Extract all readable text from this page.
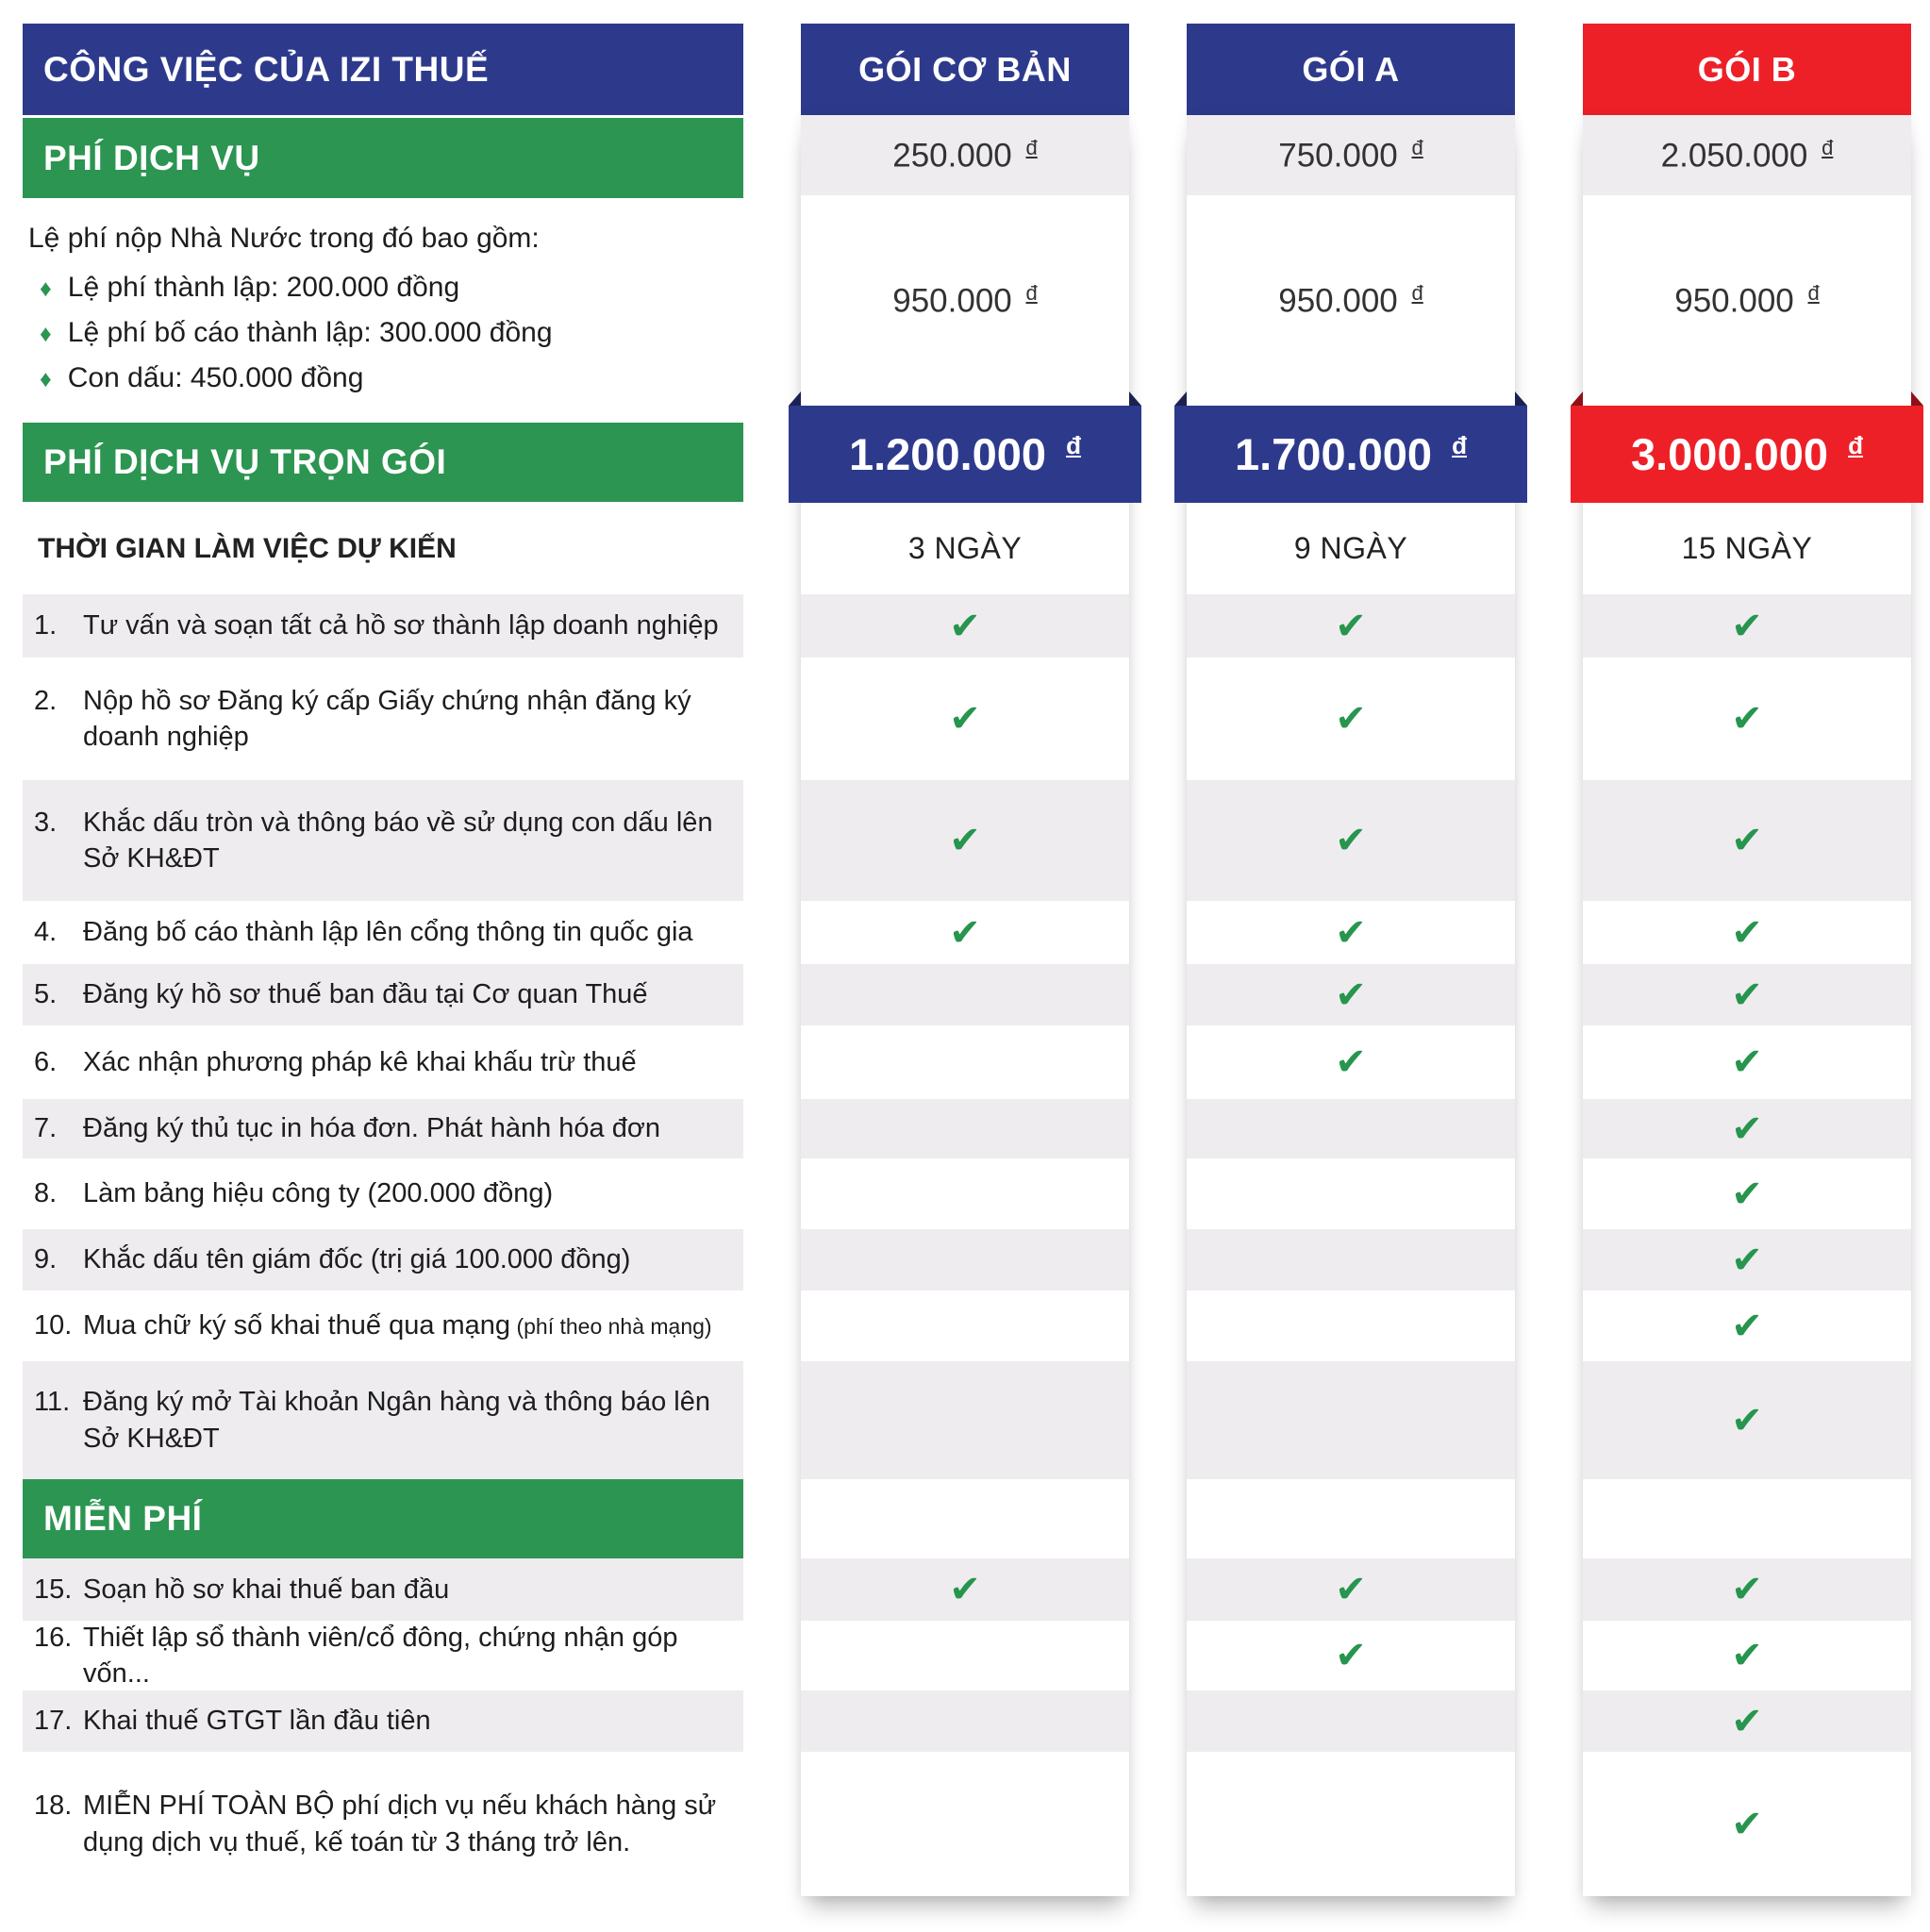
CÔNG VIỆC CỦA IZI THUẾ
PHÍ DỊCH VỤ

Lệ phí nộp Nhà Nước trong đó bao gồm:

♦ Lệ phí thành lập: 200.000 đồng
♦ Lệ phí bố cáo thành lập: 300.000 đồng
♦ Con dấu: 450.000 đồng
PHÍ DỊCH VỤ TRỌN GÓI
THỜI GIAN LÀM VIỆC DỰ KIẾN
1. Tư vấn và soạn tất cả hồ sơ thành lập doanh nghiệp
2. Nộp hồ sơ Đăng ký cấp Giấy chứng nhận đăng ký doanh nghiệp
3. Khắc dấu tròn và thông báo về sử dụng con dấu lên Sở KH&ĐT
4. Đăng bố cáo thành lập lên cổng thông tin quốc gia
5. Đăng ký hồ sơ thuế ban đầu tại Cơ quan Thuế
6. Xác nhận phương pháp kê khai khấu trừ thuế
7. Đăng ký thủ tục in hóa đơn. Phát hành hóa đơn
8. Làm bảng hiệu công ty (200.000 đồng)
9. Khắc dấu tên giám đốc (trị giá 100.000 đồng)
10. Mua chữ ký số khai thuế qua mạng (phí theo nhà mạng)
11. Đăng ký mở Tài khoản Ngân hàng và thông báo lên Sở KH&ĐT
MIỄN PHÍ
15. Soạn hồ sơ khai thuế ban đầu
16. Thiết lập sổ thành viên/cổ đông, chứng nhận góp vốn...
17. Khai thuế GTGT lần đầu tiên
18. MIỄN PHÍ TOÀN BỘ phí dịch vụ nếu khách hàng sử dụng dịch vụ thuế, kế toán từ 3 tháng trở lên.
GÓI CƠ BẢN
250.000 $^đ$
950.000 $^đ$
1.200.000 $^đ$
3 NGÀY
✔
✔
✔
✔
✔
GÓI A
750.000 $^đ$
950.000 $^đ$
1.700.000 $^đ$
9 NGÀY
✔
✔
✔
✔
✔
✔
✔
✔
GÓI B
2.050.000 $^đ$
950.000 $^đ$
3.000.000 $^đ$
15 NGÀY
✔
✔
✔
✔
✔
✔
✔
✔
✔
✔
✔
✔
✔
✔
✔
